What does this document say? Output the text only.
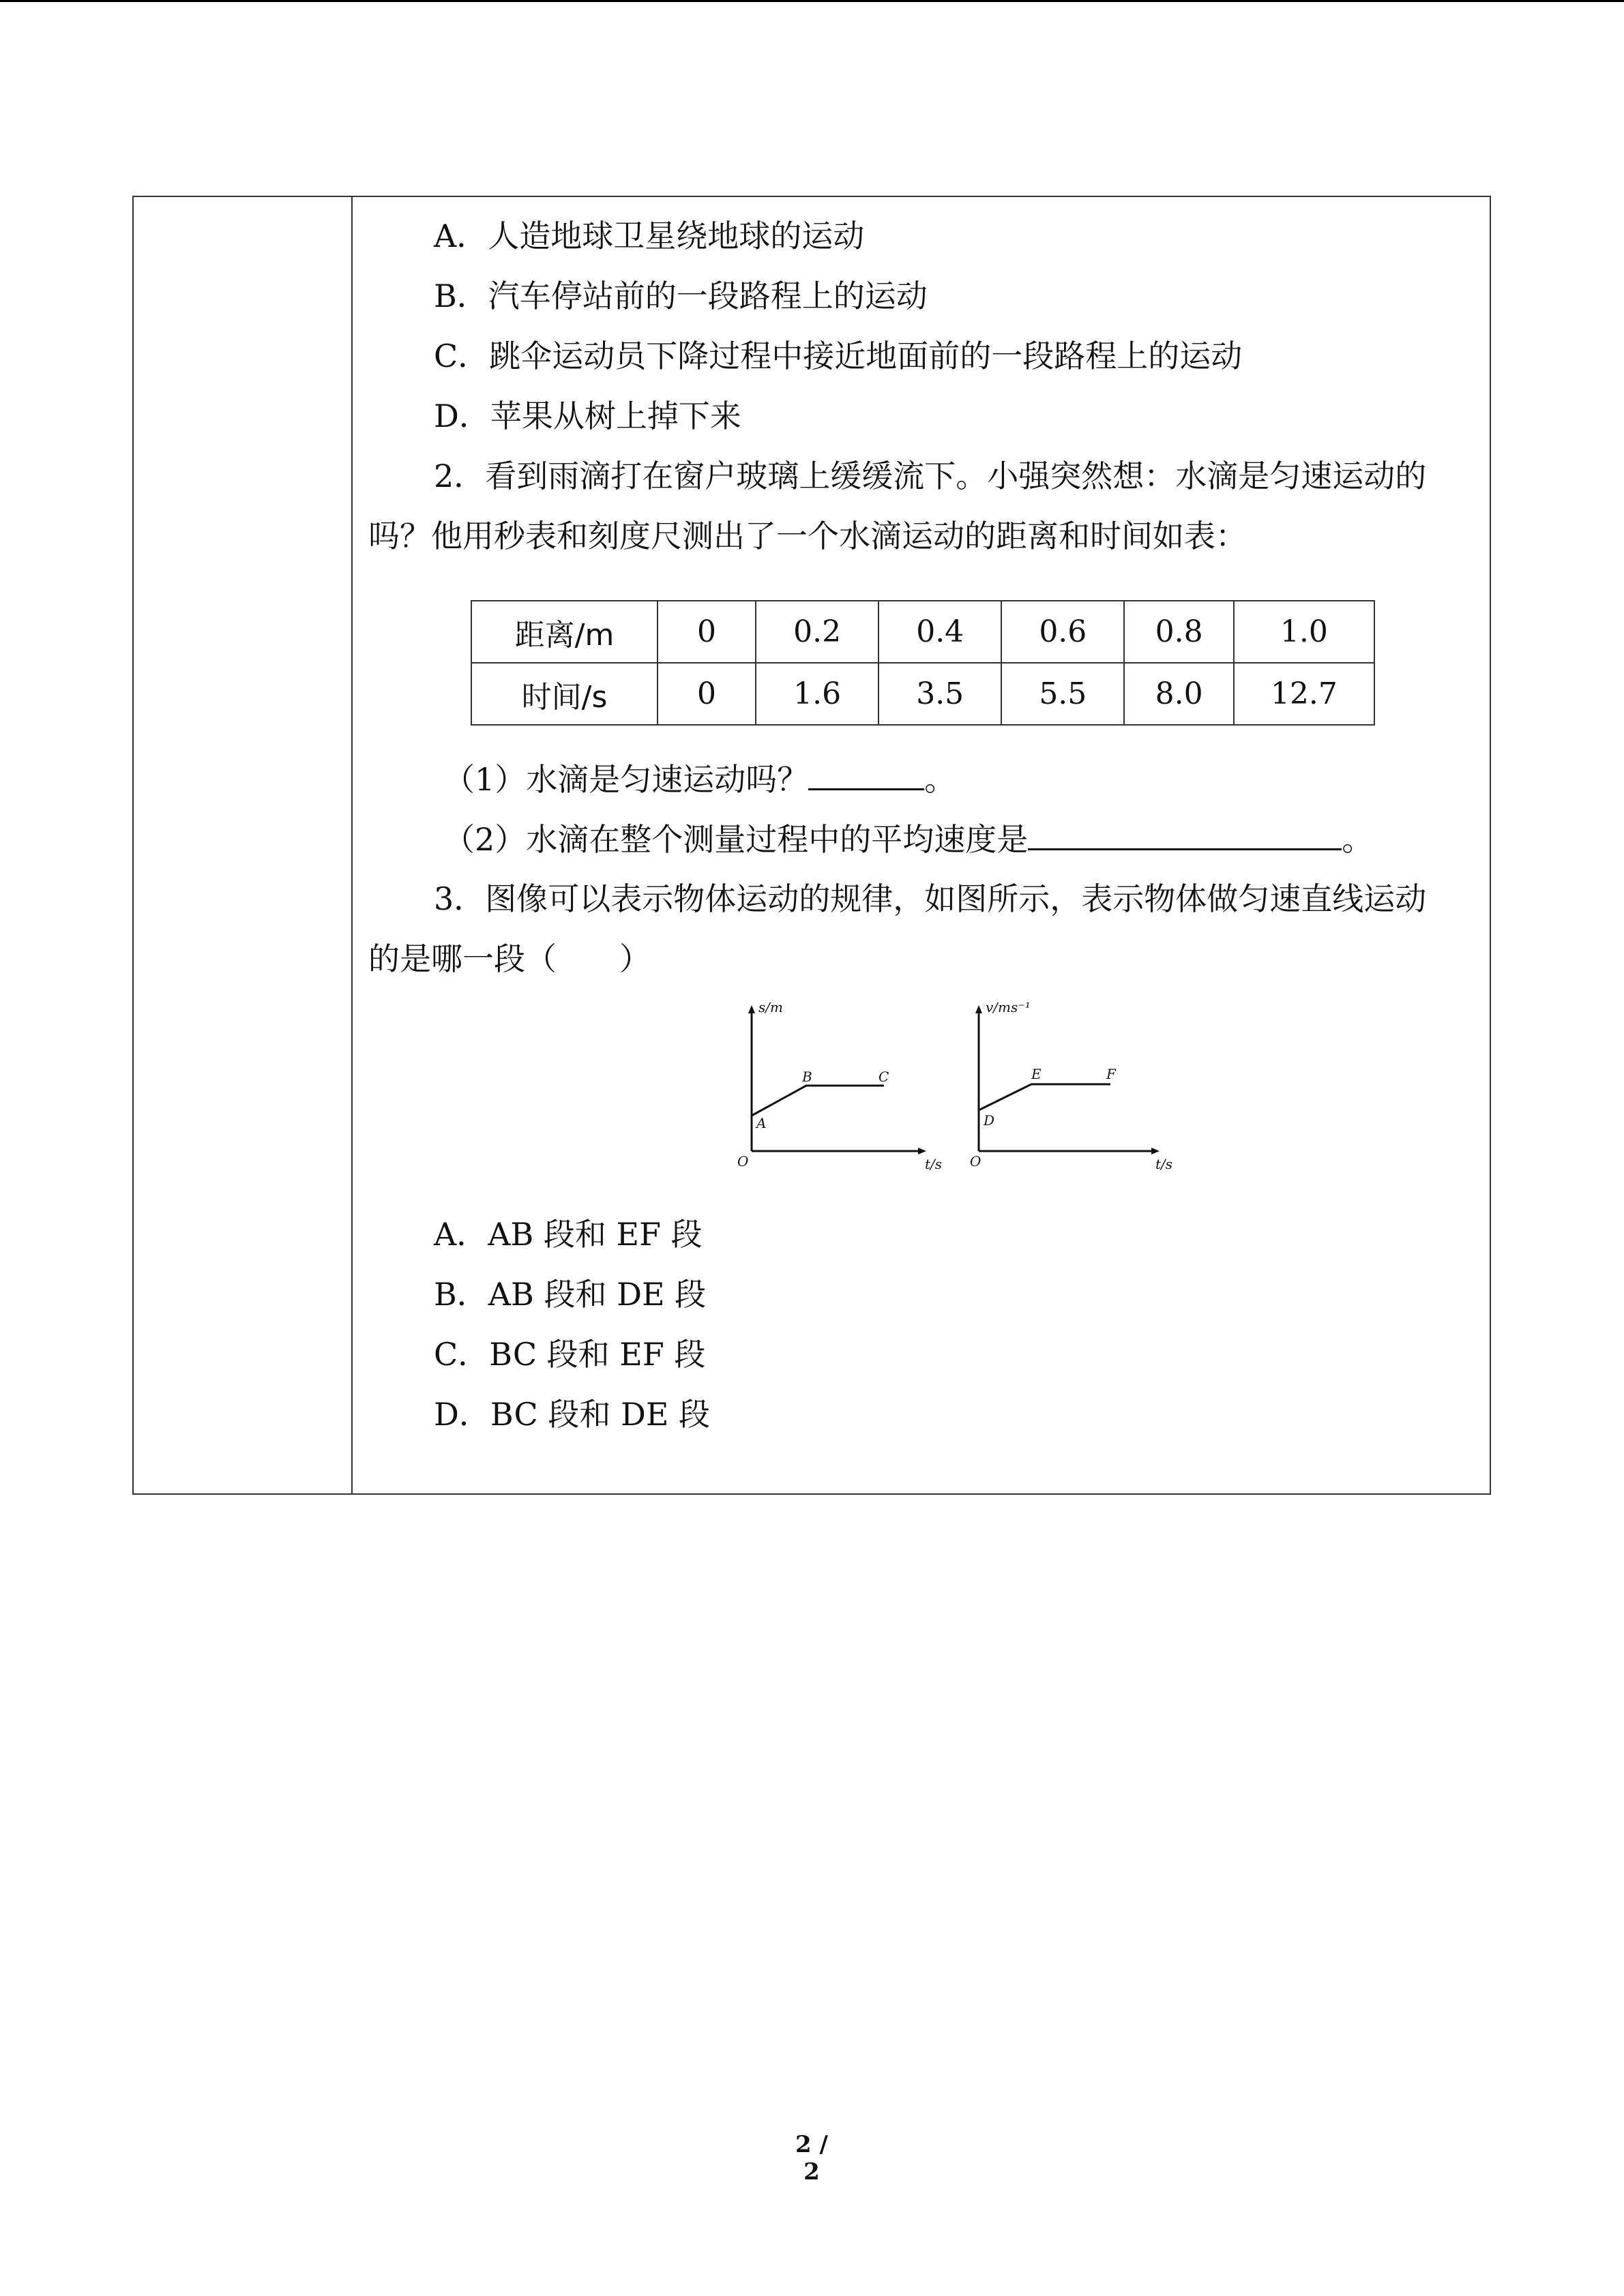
A．人造地球卫星绕地球的运动
B．汽车停站前的一段路程上的运动
C．跳伞运动员下降过程中接近地面前的一段路程上的运动
D．苹果从树上掉下来
2．看到雨滴打在窗户玻璃上缓缓流下。小强突然想：水滴是匀速运动的
吗？他用秒表和刻度尺测出了一个水滴运动的距离和时间如表：
距离/m	0	0.2	0.4	0.6	0.8	1.0
时间/s	0	1.6	3.5	5.5	8.0	12.7
（1）水滴是匀速运动吗？	。
（2）水滴在整个测量过程中的平均速度是	。
3．图像可以表示物体运动的规律，如图所示，表示物体做匀速直线运动
的是哪一段（　　）
s/m
t/s
O
A
B	C
v/ms⁻¹
t/s
O
D
E	F
A．AB 段和 EF 段
B．AB 段和 DE 段
C．BC 段和 EF 段
D．BC 段和 DE 段
2 / 2
